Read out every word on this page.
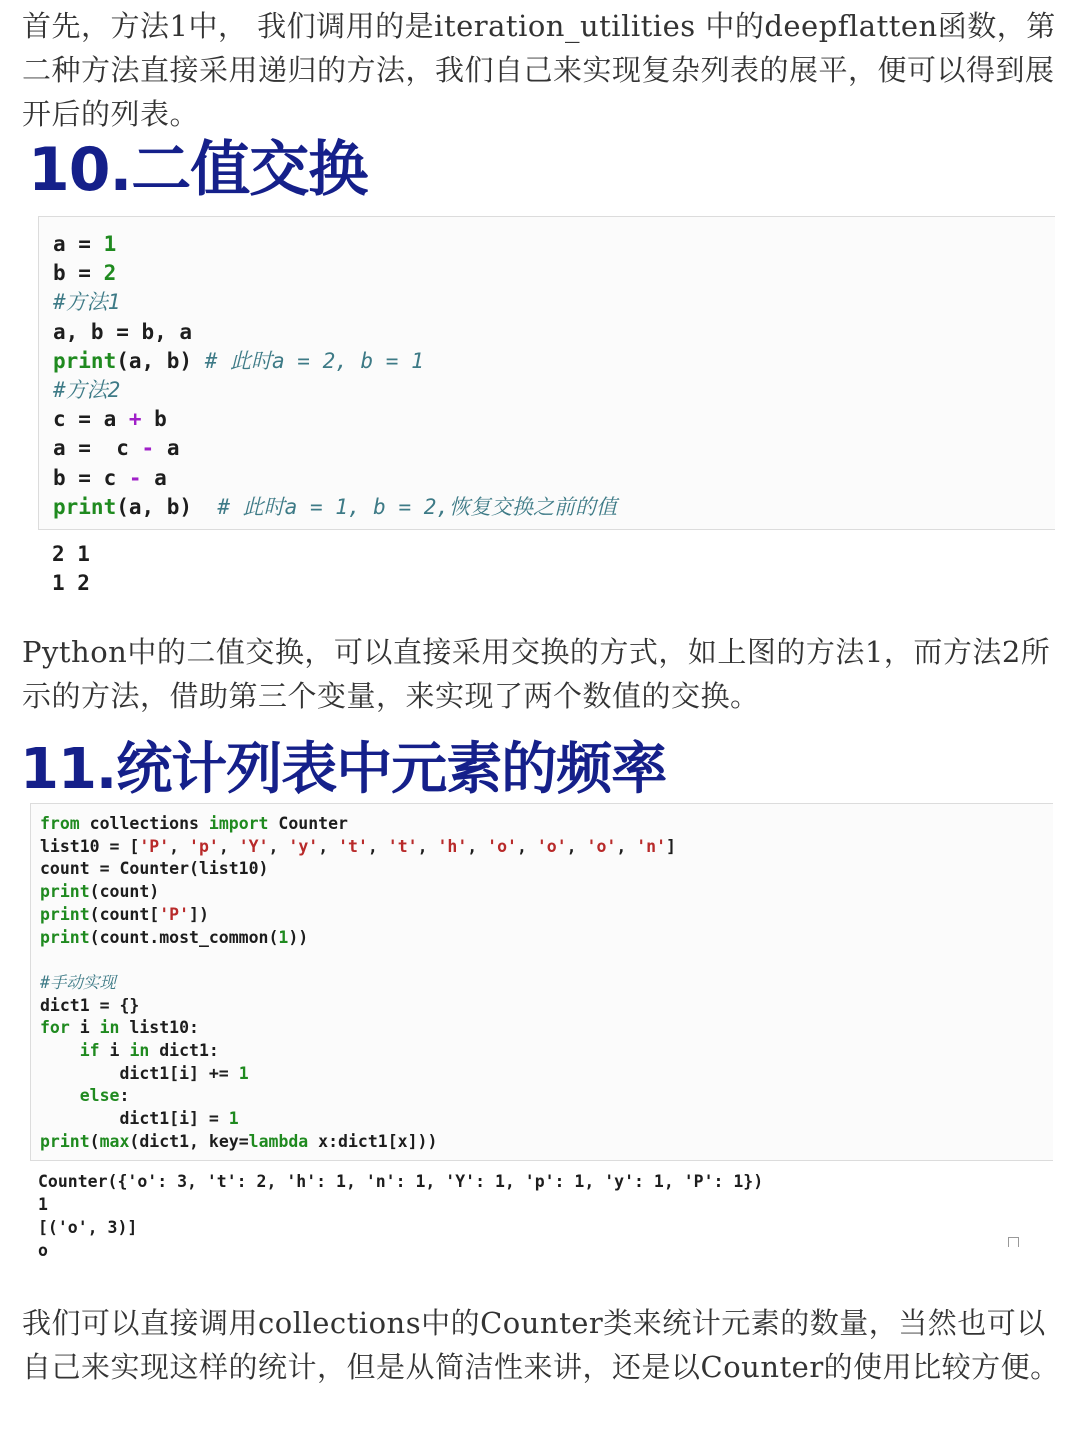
首先，方法1中， 我们调用的是iteration_utilities 中的deepflatten函数，第二种方法直接采用递归的方法，我们自己来实现复杂列表的展平，便可以得到展开后的列表。

10.二值交换
a = 1
b = 2
#方法1
a, b = b, a
print(a, b) # 此时a = 2, b = 1
#方法2
c = a + b
a =  c - a
b = c - a
print(a, b)  # 此时a = 1, b = 2,恢复交换之前的值
2 1
1 2

Python中的二值交换，可以直接采用交换的方式，如上图的方法1，而方法2所示的方法，借助第三个变量，来实现了两个数值的交换。

11.统计列表中元素的频率
from collections import Counter
list10 = ['P', 'p', 'Y', 'y', 't', 't', 'h', 'o', 'o', 'o', 'n']
count = Counter(list10)
print(count)
print(count['P'])
print(count.most_common(1))

#手动实现
dict1 = {}
for i in list10:
if i in dict1:
dict1[i] += 1
else:
dict1[i] = 1
print(max(dict1, key=lambda x:dict1[x]))
Counter({'o': 3, 't': 2, 'h': 1, 'n': 1, 'Y': 1, 'p': 1, 'y': 1, 'P': 1})
1
[('o', 3)]
o

我们可以直接调用collections中的Counter类来统计元素的数量，当然也可以自己来实现这样的统计，但是从简洁性来讲，还是以Counter的使用比较方便。
